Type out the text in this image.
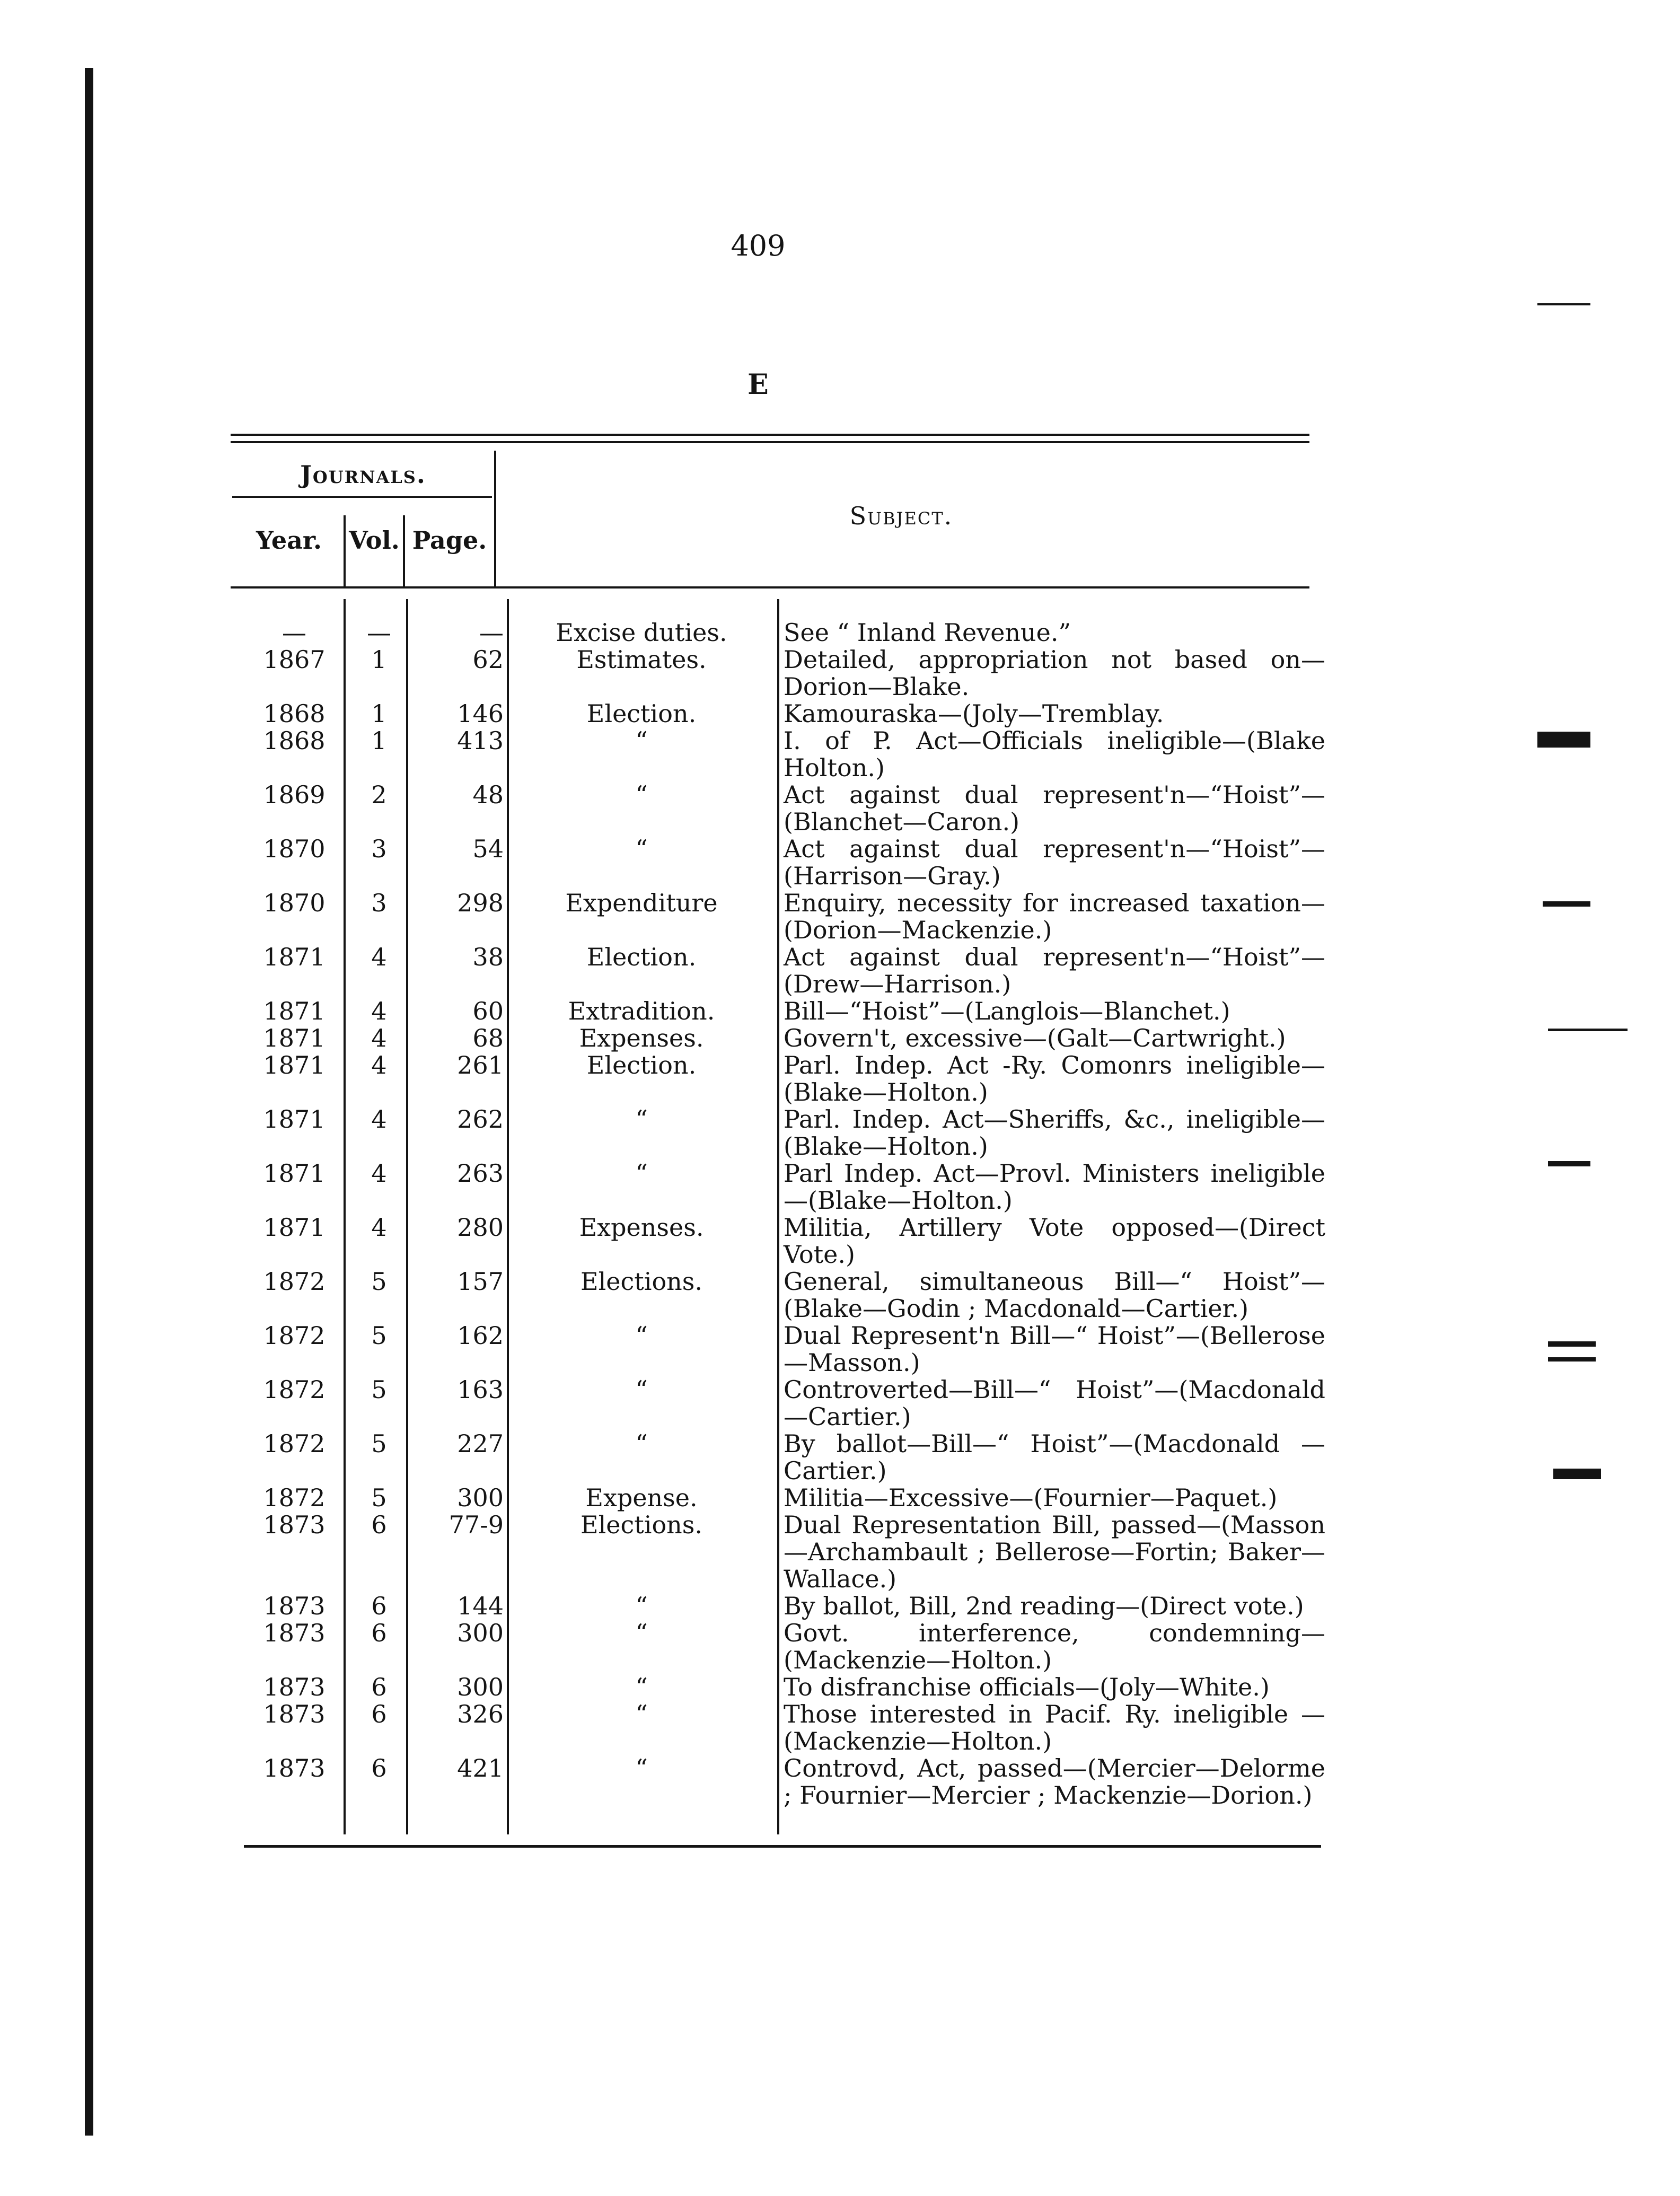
409
E
Journals.
Year.	Vol. Page.
Subject.
—	—	—	Excise duties.	See “ Inland Revenue.”
1867	1	62	Estimates.	Detailed, appropriation not based on—Dorion—Blake.
1868	1	146	Election.	Kamouraska—(Joly—Tremblay.
1868	1	413	“	I. of P. Act—Officials ineligible—(Blake Holton.)
1869	2	48	“	Act against dual represent'n—“Hoist”—(Blanchet—Caron.)
1870	3	54	“	Act against dual represent'n—“Hoist”—(Harrison—Gray.)
1870	3	298	Expenditure	Enquiry, necessity for increased taxation—(Dorion—Mackenzie.)
1871	4	38	Election.	Act against dual represent'n—“Hoist”—(Drew—Harrison.)
1871	4	60	Extradition.	Bill—“Hoist”—(Langlois—Blanchet.)
1871	4	68	Expenses.	Govern't, excessive—(Galt—Cartwright.)
1871	4	261	Election.	Parl. Indep. Act -Ry. Comonrs ineligible—(Blake—Holton.)
1871	4	262	“	Parl. Indep. Act—Sheriffs, &c., ineligible—(Blake—Holton.)
1871	4	263	“	Parl Indep. Act—Provl. Ministers ineligible—(Blake—Holton.)
1871	4	280	Expenses.	Militia, Artillery Vote opposed—(Direct Vote.)
1872	5	157	Elections.	General, simultaneous Bill—“ Hoist”—(Blake—Godin ; Macdonald—Cartier.)
1872	5	162	“	Dual Represent'n Bill—“ Hoist”—(Bellerose—Masson.)
1872	5	163	“	Controverted—Bill—“ Hoist”—(Macdonald—Cartier.)
1872	5	227	“	By ballot—Bill—“ Hoist”—(Macdonald —Cartier.)
1872	5	300	Expense.	Militia—Excessive—(Fournier—Paquet.)
1873	6	77-9	Elections.	Dual Representation Bill, passed—(Masson—Archambault ; Bellerose—Fortin; Baker—Wallace.)
1873	6	144	“	By ballot, Bill, 2nd reading—(Direct vote.)
1873	6	300	“	Govt. interference, condemning—(Mackenzie—Holton.)
1873	6	300	“	To disfranchise officials—(Joly—White.)
1873	6	326	“	Those interested in Pacif. Ry. ineligible —(Mackenzie—Holton.)
1873	6	421	“	Controvd, Act, passed—(Mercier—Delorme ; Fournier—Mercier ; Mackenzie—Dorion.)
